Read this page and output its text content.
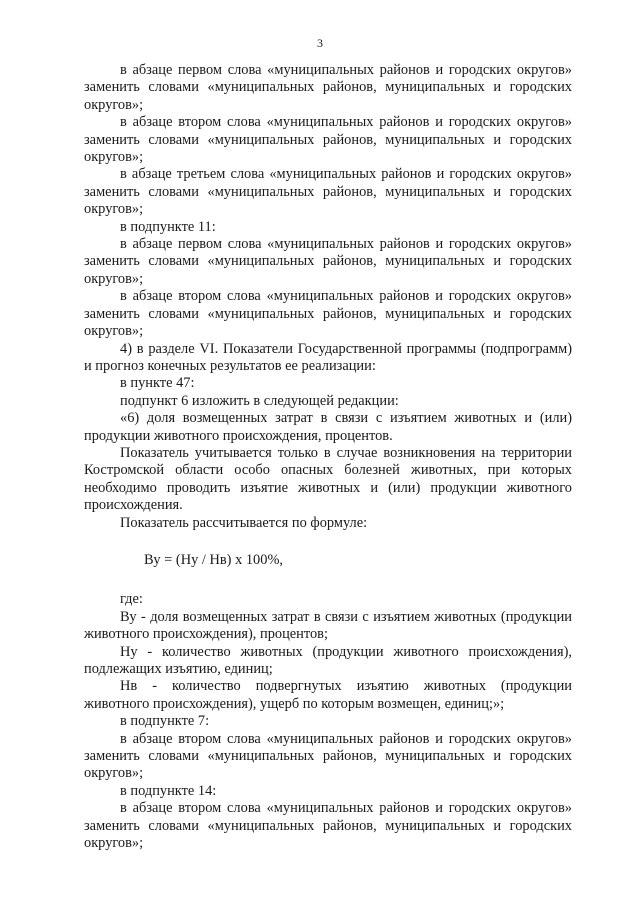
3

в абзаце первом слова «муниципальных районов и городских округов» заменить словами «муниципальных районов, муниципальных и городских округов»;

в абзаце втором слова «муниципальных районов и городских округов» заменить словами «муниципальных районов, муниципальных и городских округов»;

в абзаце третьем слова «муниципальных районов и городских округов» заменить словами «муниципальных районов, муниципальных и городских округов»;

в подпункте 11:

в абзаце первом слова «муниципальных районов и городских округов» заменить словами «муниципальных районов, муниципальных и городских округов»;

в абзаце втором слова «муниципальных районов и городских округов» заменить словами «муниципальных районов, муниципальных и городских округов»;

4) в разделе VI. Показатели Государственной программы (подпрограмм) и прогноз конечных результатов ее реализации:

в пункте 47:

подпункт 6 изложить в следующей редакции:

«6) доля возмещенных затрат в связи с изъятием животных и (или) продукции животного происхождения, процентов.

Показатель учитывается только в случае возникновения на территории Костромской области особо опасных болезней животных, при которых необходимо проводить изъятие животных и (или) продукции животного происхождения.

Показатель рассчитывается по формуле:

Ву = (Ну / Нв) х 100%,

где:

Ву - доля возмещенных затрат в связи с изъятием животных (продукции животного происхождения), процентов;

Ну - количество животных (продукции животного происхождения), подлежащих изъятию, единиц;

Нв - количество подвергнутых изъятию животных (продукции животного происхождения), ущерб по которым возмещен, единиц;»;

в подпункте 7:

в абзаце втором слова «муниципальных районов и городских округов» заменить словами «муниципальных районов, муниципальных и городских округов»;

в подпункте 14:

в абзаце втором слова «муниципальных районов и городских округов» заменить словами «муниципальных районов, муниципальных и городских округов»;
